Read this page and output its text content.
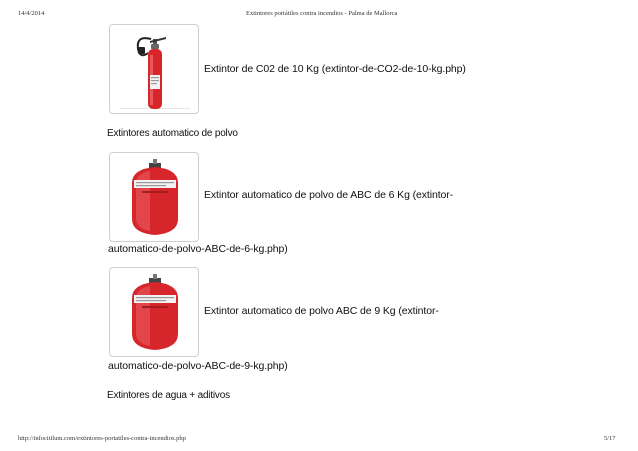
14/4/2014	Extintores portátiles contra incendios - Palma de Mallorca
Extintor de C02 de 10 Kg (extintor-de-CO2-de-10-kg.php)
Extintores automatico de polvo
Extintor automatico de polvo de ABC de 6 Kg (extintor-
automatico-de-polvo-ABC-de-6-kg.php)
Extintor automatico de polvo ABC de 9 Kg (extintor-
automatico-de-polvo-ABC-de-9-kg.php)
Extintores de agua + aditivos
http://infocitilum.com/extintores-portatiles-contra-incendios.php	5/17
